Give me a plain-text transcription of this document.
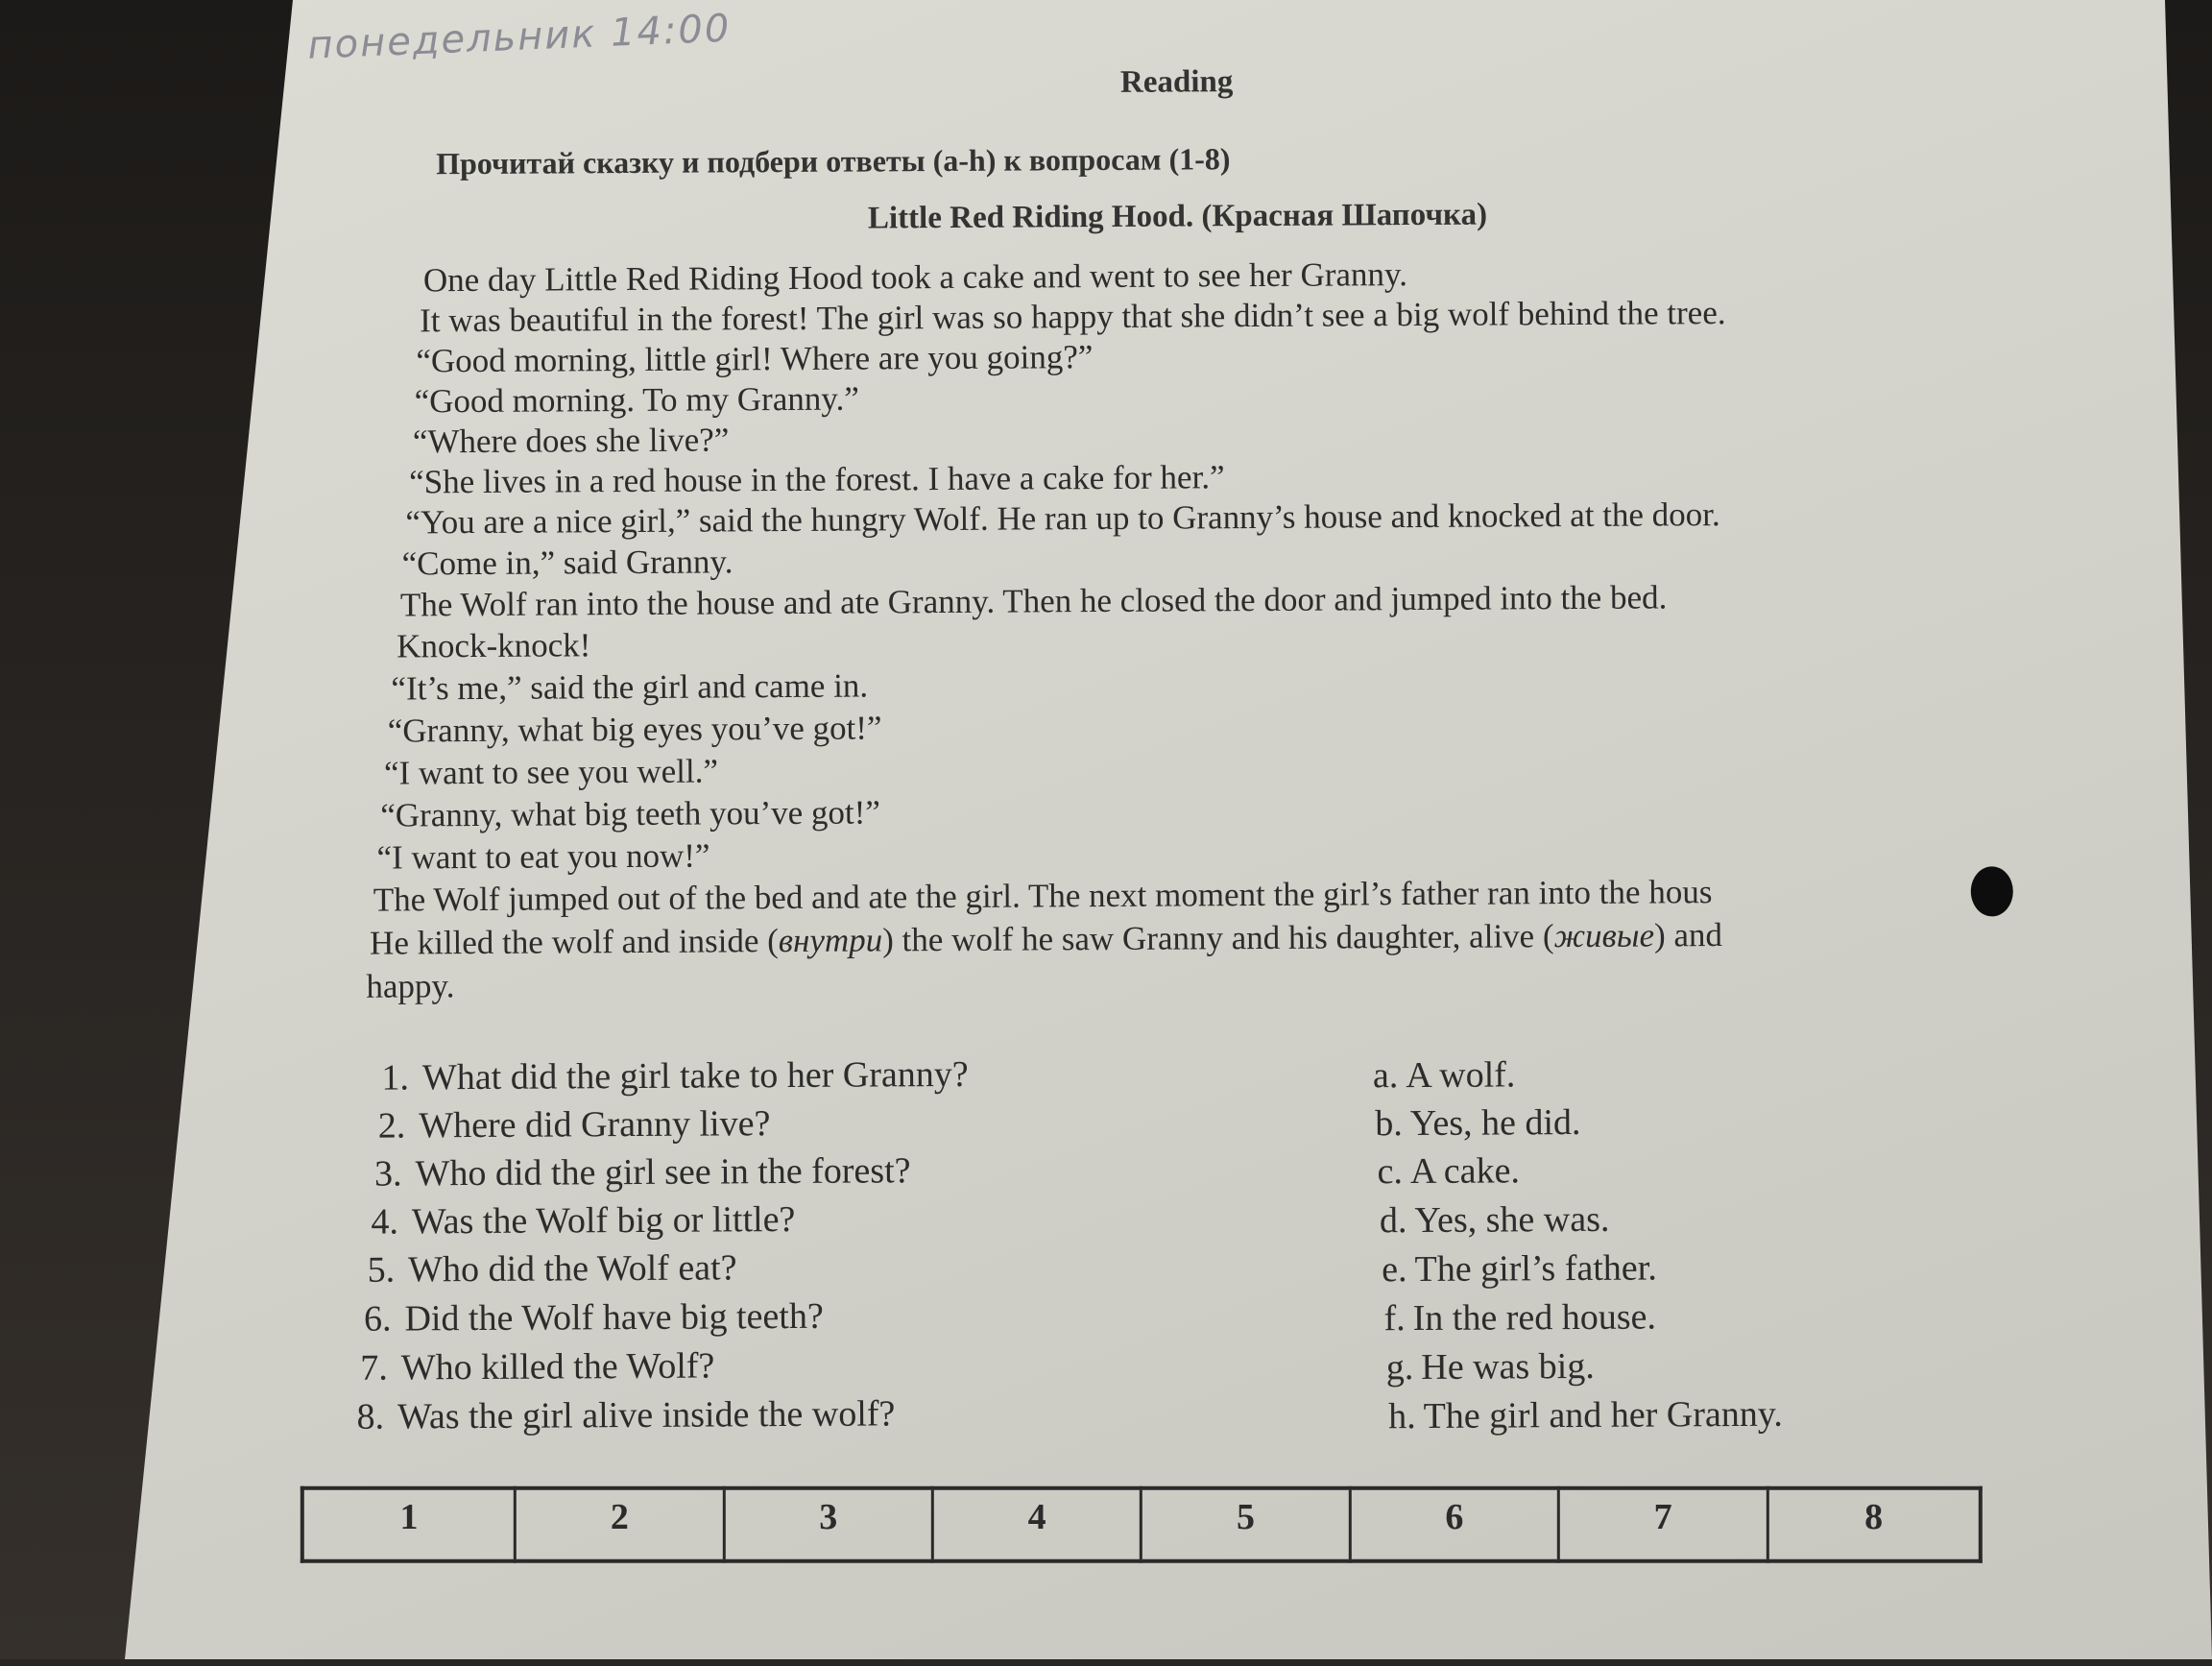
понедельник 14:00
Reading
Прочитай сказку и подбери ответы (a-h) к вопросам (1-8)
Little Red Riding Hood. (Красная Шапочка)
One day Little Red Riding Hood took a cake and went to see her Granny.
It was beautiful in the forest! The girl was so happy that she didn’t see a big wolf behind the tree.
“Good morning, little girl! Where are you going?”
“Good morning. To my Granny.”
“Where does she live?”
“She lives in a red house in the forest. I have a cake for her.”
“You are a nice girl,” said the hungry Wolf. He ran up to Granny’s house and knocked at the door.
“Come in,” said Granny.
The Wolf ran into the house and ate Granny. Then he closed the door and jumped into the bed.
Knock-knock!
“It’s me,” said the girl and came in.
“Granny, what big eyes you’ve got!”
“I want to see you well.”
“Granny, what big teeth you’ve got!”
“I want to eat you now!”
The Wolf jumped out of the bed and ate the girl. The next moment the girl’s father ran into the hous
He killed the wolf and inside (внутри) the wolf he saw Granny and his daughter, alive (живые) and
happy.
1. What did the girl take to her Granny?
2. Where did Granny live?
3. Who did the girl see in the forest?
4. Was the Wolf big or little?
5. Who did the Wolf eat?
6. Did the Wolf have big teeth?
7. Who killed the Wolf?
8. Was the girl alive inside the wolf?
a. A wolf.
b. Yes, he did.
c. A cake.
d. Yes, she was.
e. The girl’s father.
f. In the red house.
g. He was big.
h. The girl and her Granny.
1	2	3	4	5	6	7	8
